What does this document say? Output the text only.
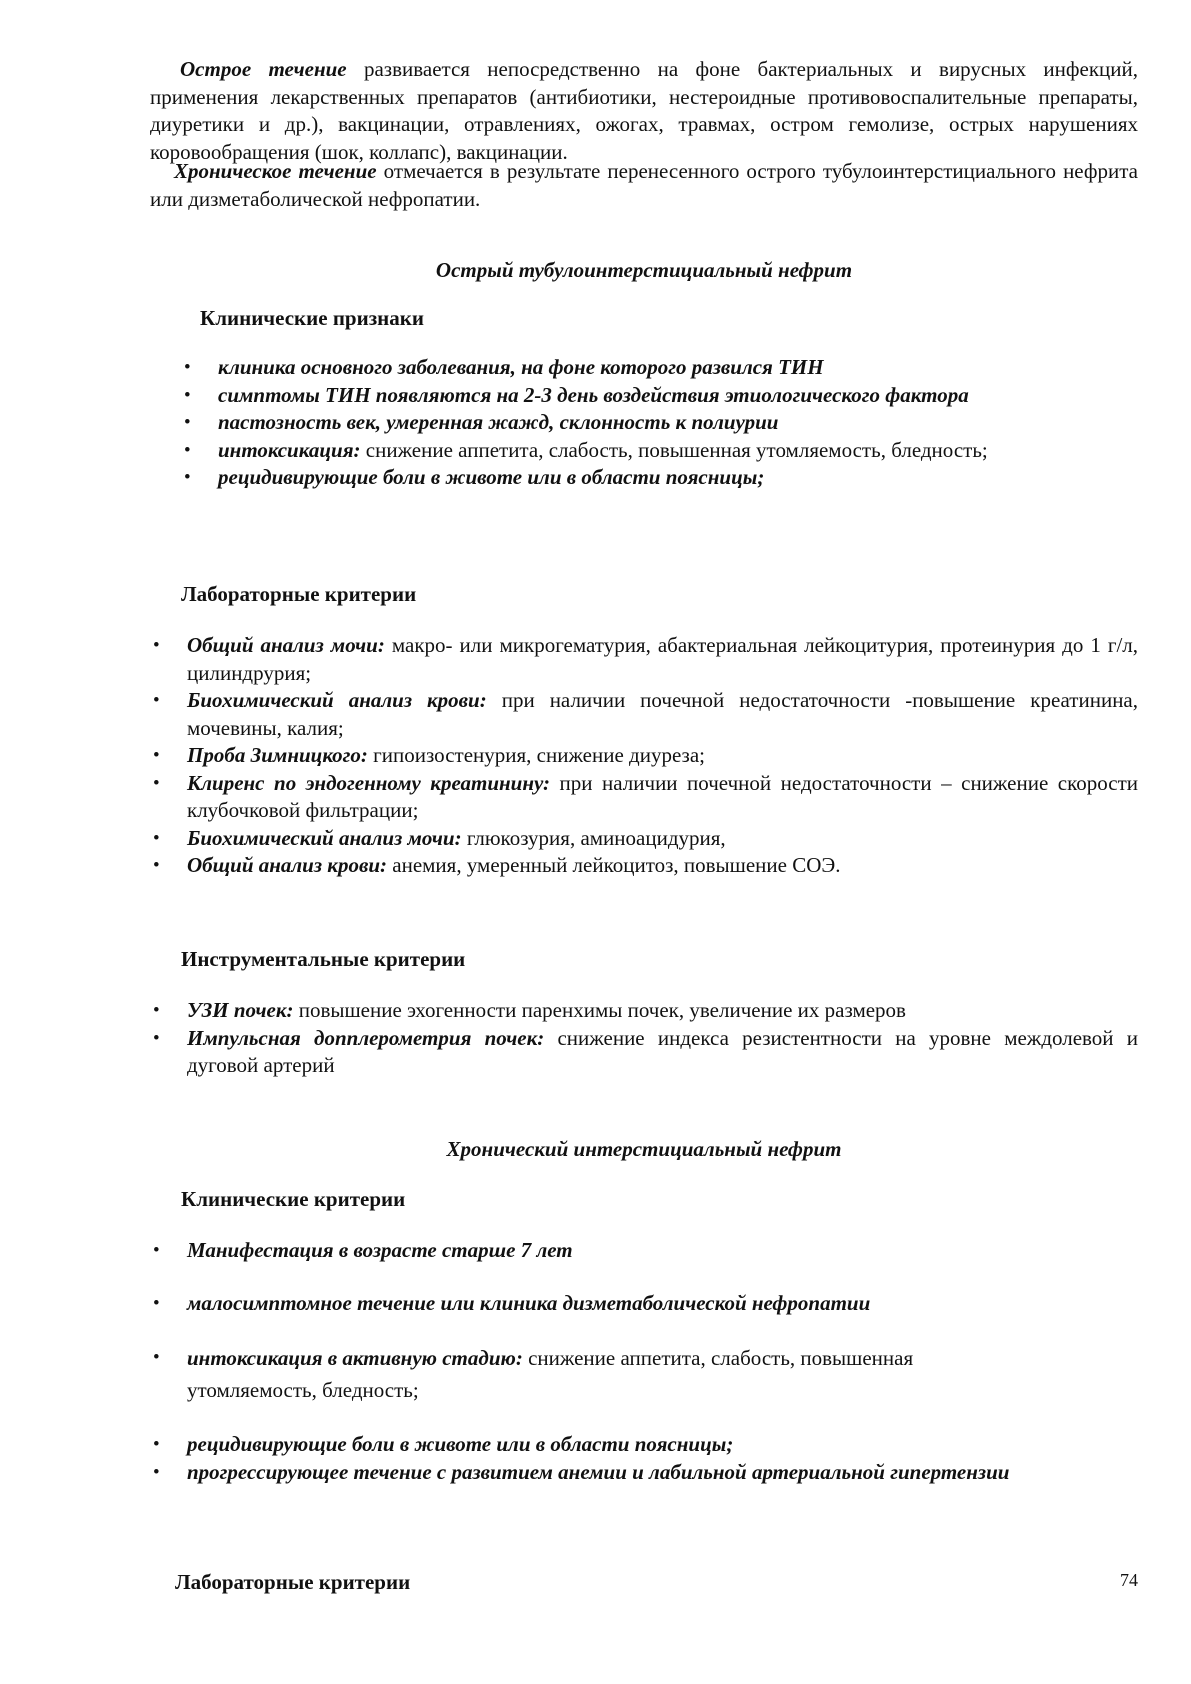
Острое течение развивается непосредственно на фоне бактериальных и вирусных инфекций, применения лекарственных препаратов (антибиотики, нестероидные противовоспалительные препараты, диуретики и др.), вакцинации, отравлениях, ожогах, травмах, остром гемолизе, острых нарушениях коровообращения (шок, коллапс), вакцинации.
Хроническое течение отмечается в результате перенесенного острого тубулоинтерстициального нефрита или дизметаболической нефропатии.
Острый тубулоинтерстициальный нефрит
Клинические признаки
• клиника основного заболевания, на фоне которого развился ТИН
• симптомы ТИН появляются на 2-3 день воздействия этиологического фактора
• пастозность век, умеренная жажд, склонность к полиурии
• интоксикация: снижение аппетита, слабость, повышенная утомляемость, бледность;
• рецидивирующие боли в животе или в области поясницы;
Лабораторные критерии
• Общий анализ мочи: макро- или микрогематурия, абактериальная лейкоцитурия, протеинурия до 1 г/л, цилиндрурия;
• Биохимический анализ крови: при наличии почечной недостаточности -повышение креатинина, мочевины, калия;
• Проба Зимницкого: гипоизостенурия, снижение диуреза;
• Клиренс по эндогенному креатинину: при наличии почечной недостаточности – снижение скорости клубочковой фильтрации;
• Биохимический анализ мочи: глюкозурия, аминоацидурия,
• Общий анализ крови: анемия, умеренный лейкоцитоз, повышение СОЭ.
Инструментальные критерии
• УЗИ почек: повышение эхогенности паренхимы почек, увеличение их размеров
• Импульсная допплерометрия почек: снижение индекса резистентности на уровне междолевой и дуговой артерий
Хронический интерстициальный нефрит
Клинические критерии
• Манифестация в возрасте старше 7 лет
• малосимптомное течение или клиника дизметаболической нефропатии
• интоксикация в активную стадию: снижение аппетита, слабость, повышенная утомляемость, бледность;
• рецидивирующие боли в животе или в области поясницы;
• прогрессирующее течение с развитием анемии и лабильной артериальной гипертензии
Лабораторные критерии	74
